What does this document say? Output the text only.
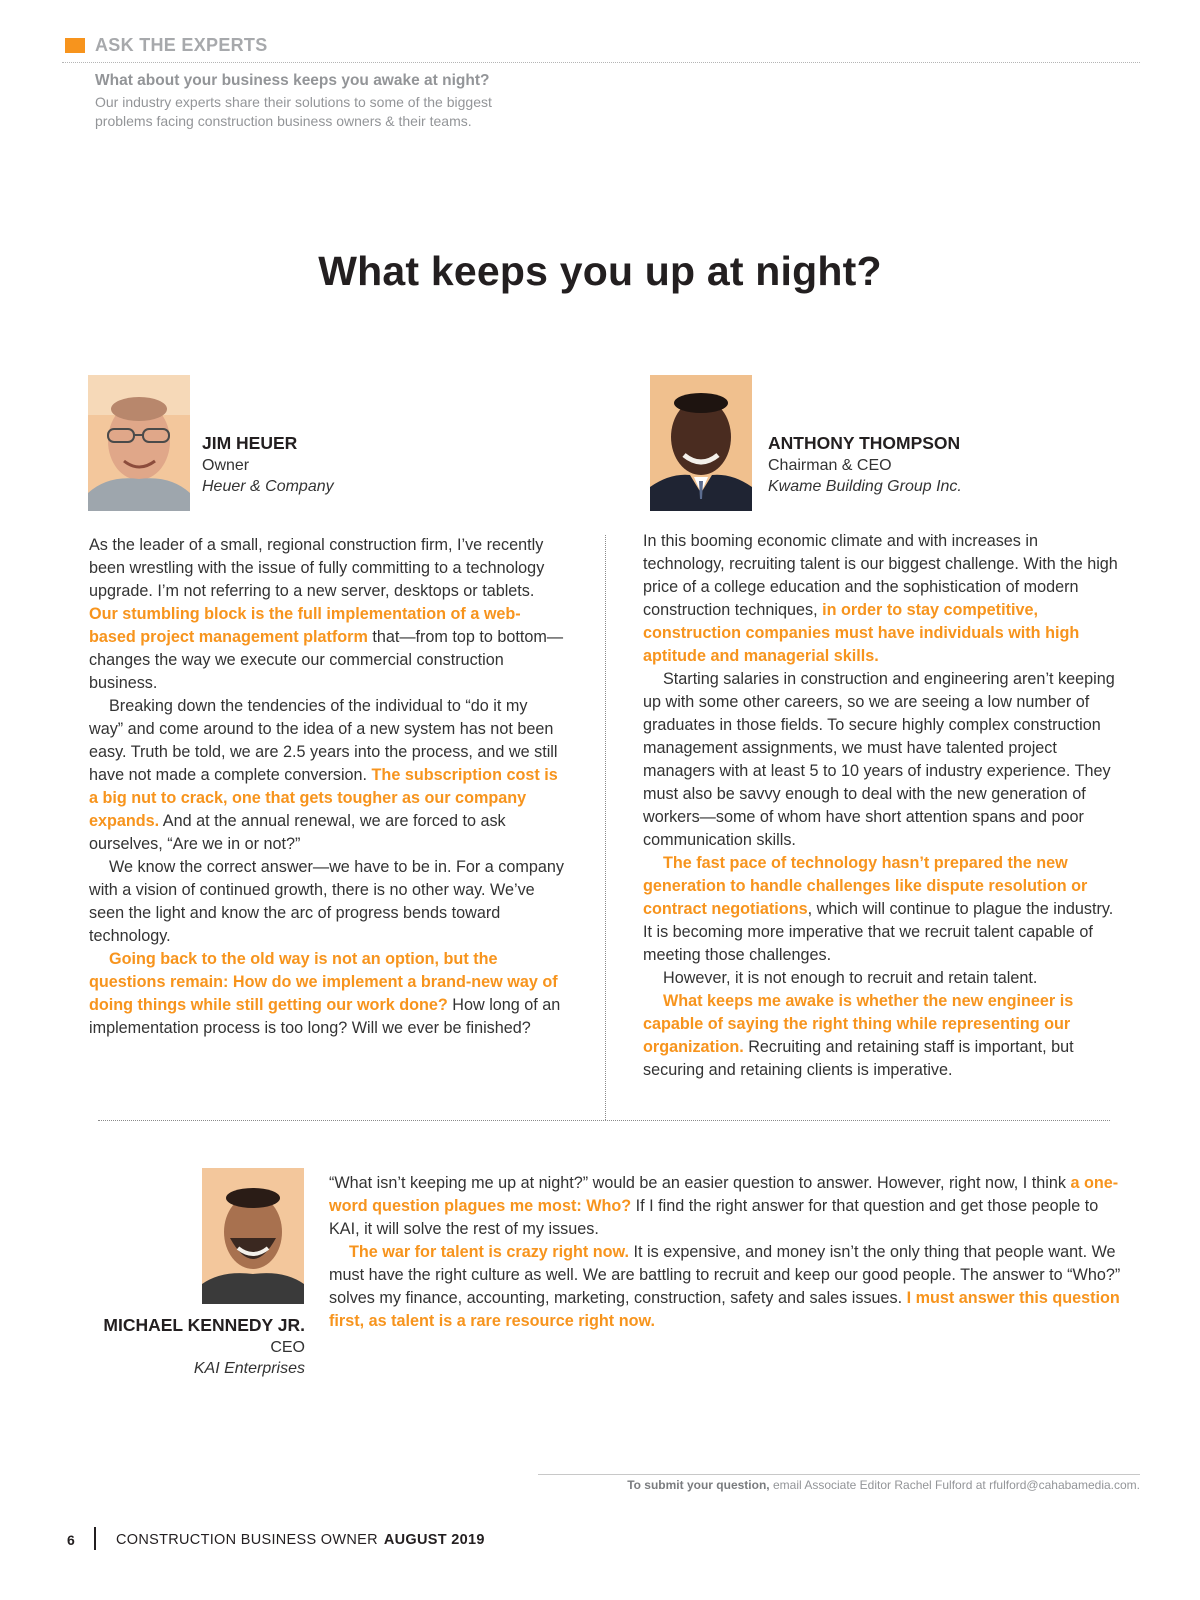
ASK THE EXPERTS
What about your business keeps you awake at night?
Our industry experts share their solutions to some of the biggest
problems facing construction business owners & their teams.
What keeps you up at night?
JIM HEUER
Owner
Heuer & Company
ANTHONY THOMPSON
Chairman & CEO
Kwame Building Group Inc.

As the leader of a small, regional construction firm, I’ve recently been wrestling with the issue of fully committing to a technology upgrade. I’m not referring to a new server, desktops or tablets. Our stumbling block is the full implementation of a web-based project management platform that—from top to bottom—changes the way we execute our commercial construction business.

Breaking down the tendencies of the individual to “do it my way” and come around to the idea of a new system has not been easy. Truth be told, we are 2.5 years into the process, and we still have not made a complete conversion. The subscription cost is a big nut to crack, one that gets tougher as our company expands. And at the annual renewal, we are forced to ask ourselves, “Are we in or not?”

We know the correct answer—we have to be in. For a company with a vision of continued growth, there is no other way. We’ve seen the light and know the arc of progress bends toward technology.

Going back to the old way is not an option, but the questions remain: How do we implement a brand-new way of doing things while still getting our work done? How long of an implementation process is too long? Will we ever be finished?

In this booming economic climate and with increases in technology, recruiting talent is our biggest challenge. With the high price of a college education and the sophistication of modern construction techniques, in order to stay competitive, construction companies must have individuals with high aptitude and managerial skills.

Starting salaries in construction and engineering aren’t keeping up with some other careers, so we are seeing a low number of graduates in those fields. To secure highly complex construction management assignments, we must have talented project managers with at least 5 to 10 years of industry experience. They must also be savvy enough to deal with the new generation of workers—some of whom have short attention spans and poor communication skills.

The fast pace of technology hasn’t prepared the new generation to handle challenges like dispute resolution or contract negotiations, which will continue to plague the industry. It is becoming more imperative that we recruit talent capable of meeting those challenges.

However, it is not enough to recruit and retain talent.

What keeps me awake is whether the new engineer is capable of saying the right thing while representing our organization. Recruiting and retaining staff is important, but securing and retaining clients is imperative.

MICHAEL KENNEDY JR.
CEO
KAI Enterprises

“What isn’t keeping me up at night?” would be an easier question to answer. However, right now, I think a one-word question plagues me most: Who? If I find the right answer for that question and get those people to KAI, it will solve the rest of my issues.

The war for talent is crazy right now. It is expensive, and money isn’t the only thing that people want. We must have the right culture as well. We are battling to recruit and keep our good people. The answer to “Who?” solves my finance, accounting, marketing, construction, safety and sales issues. I must answer this question first, as talent is a rare resource right now.

To submit your question, email Associate Editor Rachel Fulford at rfulford@cahabamedia.com.
6	CONSTRUCTION BUSINESS OWNER AUGUST 2019
